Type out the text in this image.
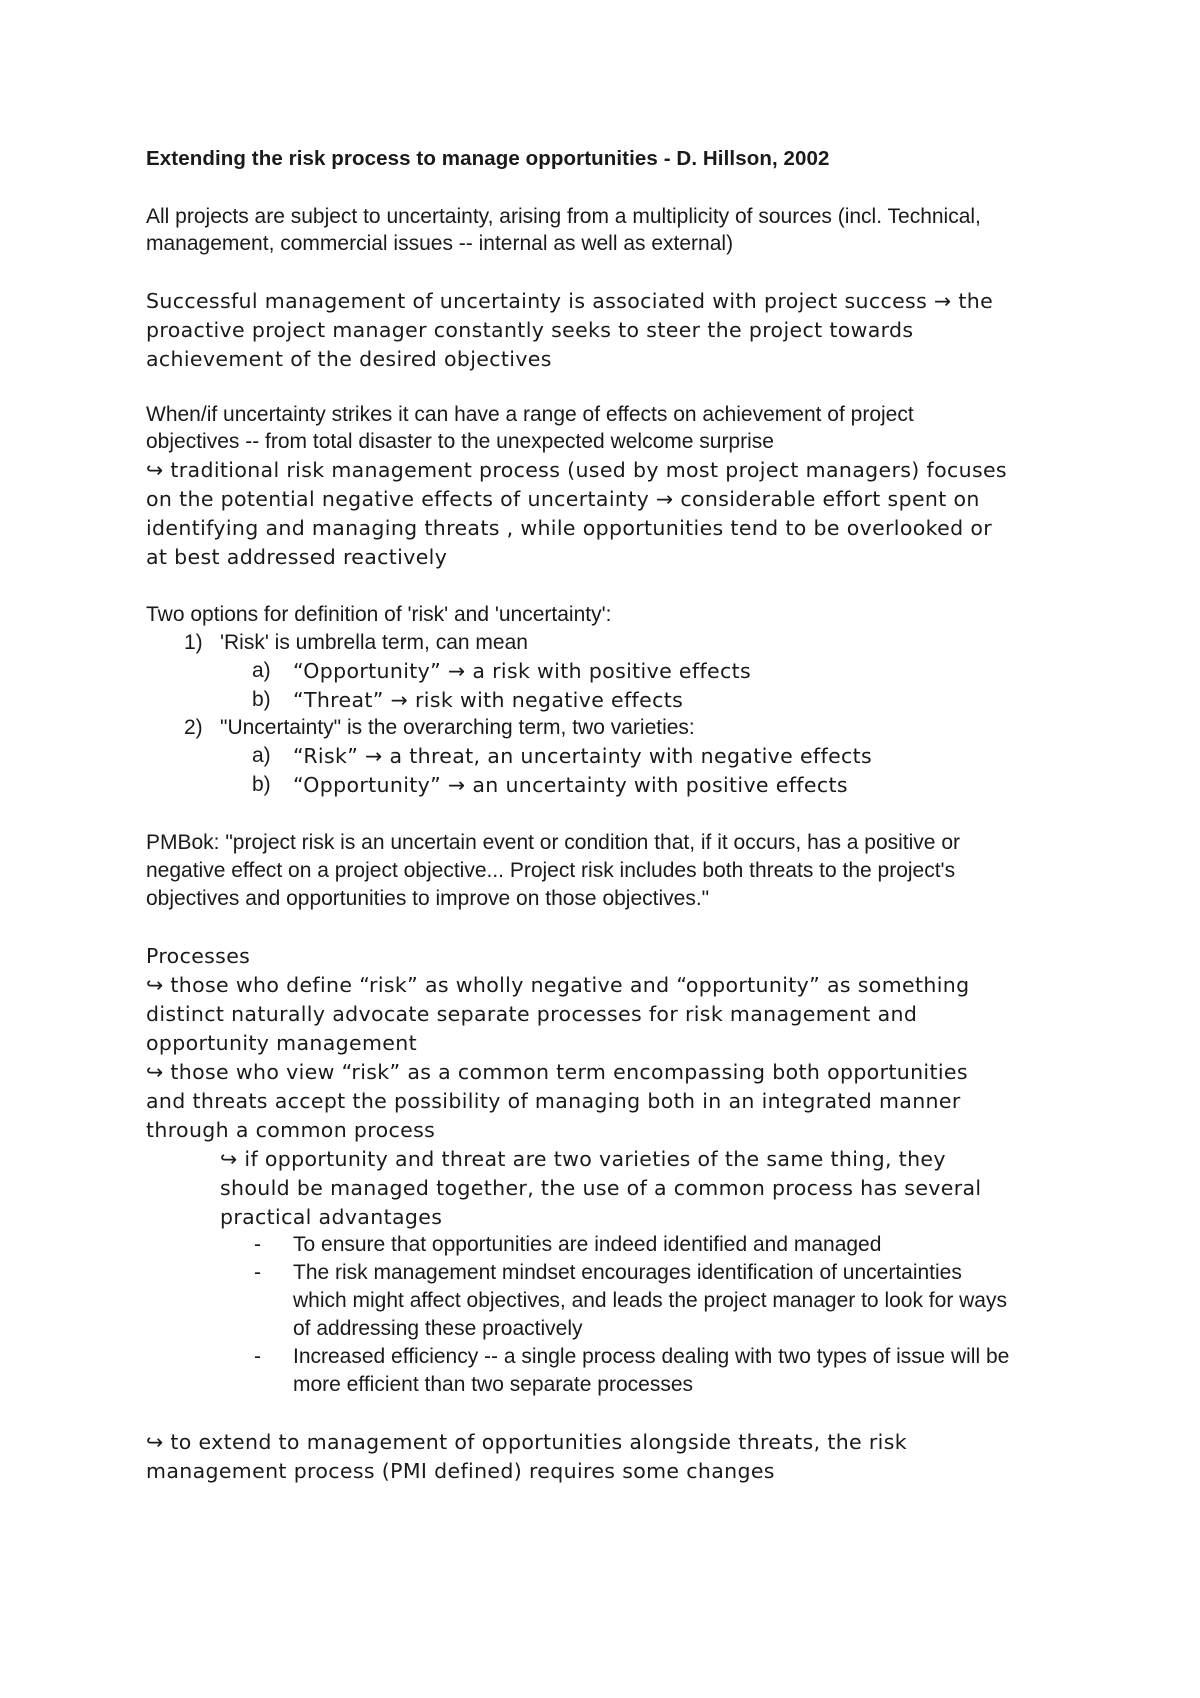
Extending the risk process to manage opportunities - D. Hillson, 2002
All projects are subject to uncertainty, arising from a multiplicity of sources (incl. Technical,
management, commercial issues -- internal as well as external)
Successful management of uncertainty is associated with project success → the
proactive project manager constantly seeks to steer the project towards
achievement of the desired objectives
When/if uncertainty strikes it can have a range of effects on achievement of project
objectives -- from total disaster to the unexpected welcome surprise
↪ traditional risk management process (used by most project managers) focuses
on the potential negative effects of uncertainty → considerable effort spent on
identifying and managing threats , while opportunities tend to be overlooked or
at best addressed reactively
Two options for definition of 'risk' and 'uncertainty':
1) 'Risk' is umbrella term, can mean
a) “Opportunity” → a risk with positive effects
b) “Threat” → risk with negative effects
2) "Uncertainty" is the overarching term, two varieties:
a) “Risk” → a threat, an uncertainty with negative effects
b) “Opportunity” → an uncertainty with positive effects
PMBok: "project risk is an uncertain event or condition that, if it occurs, has a positive or
negative effect on a project objective... Project risk includes both threats to the project's
objectives and opportunities to improve on those objectives."
Processes
↪ those who define “risk” as wholly negative and “opportunity” as something
distinct naturally advocate separate processes for risk management and
opportunity management
↪ those who view “risk” as a common term encompassing both opportunities
and threats accept the possibility of managing both in an integrated manner
through a common process
↪ if opportunity and threat are two varieties of the same thing, they
should be managed together, the use of a common process has several
practical advantages
- To ensure that opportunities are indeed identified and managed
- The risk management mindset encourages identification of uncertainties
which might affect objectives, and leads the project manager to look for ways
of addressing these proactively
- Increased efficiency -- a single process dealing with two types of issue will be
more efficient than two separate processes
↪ to extend to management of opportunities alongside threats, the risk
management process (PMI defined) requires some changes
